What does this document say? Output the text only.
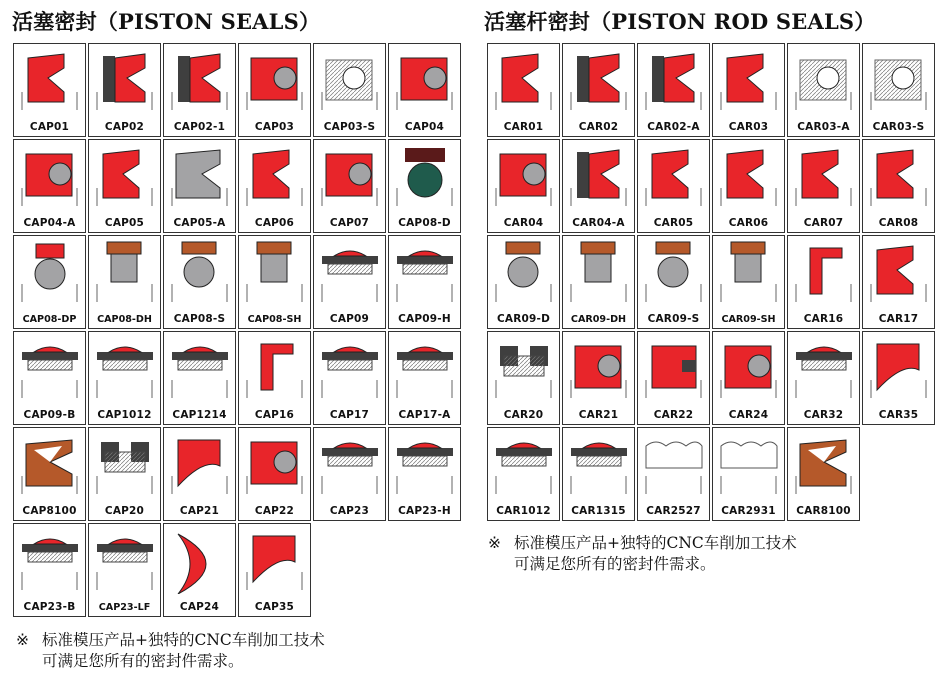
活塞密封（PISTON SEALS）	活塞杆密封（PISTON ROD SEALS）
CAP01	CAP02	CAP02-1	CAP03	CAP03-S	CAP04
CAP04-A	CAP05	CAP05-A	CAP06	CAP07	CAP08-D
CAP08-DP	CAP08-DH	CAP08-S	CAP08-SH	CAP09	CAP09-H
CAP09-B	CAP1012	CAP1214	CAP16	CAP17	CAP17-A
CAP8100	CAP20	CAP21	CAP22	CAP23	CAP23-H
CAP23-B	CAP23-LF	CAP24	CAP35
CAR01	CAR02	CAR02-A	CAR03	CAR03-A	CAR03-S
CAR04	CAR04-A	CAR05	CAR06	CAR07	CAR08
CAR09-D	CAR09-DH	CAR09-S	CAR09-SH	CAR16	CAR17
CAR20	CAR21	CAR22	CAR24	CAR32	CAR35
CAR1012	CAR1315	CAR2527	CAR2931	CAR8100
※ 标准模压产品+独特的CNC车削加工技术
可满足您所有的密封件需求。
※ 标准模压产品+独特的CNC车削加工技术
可满足您所有的密封件需求。
